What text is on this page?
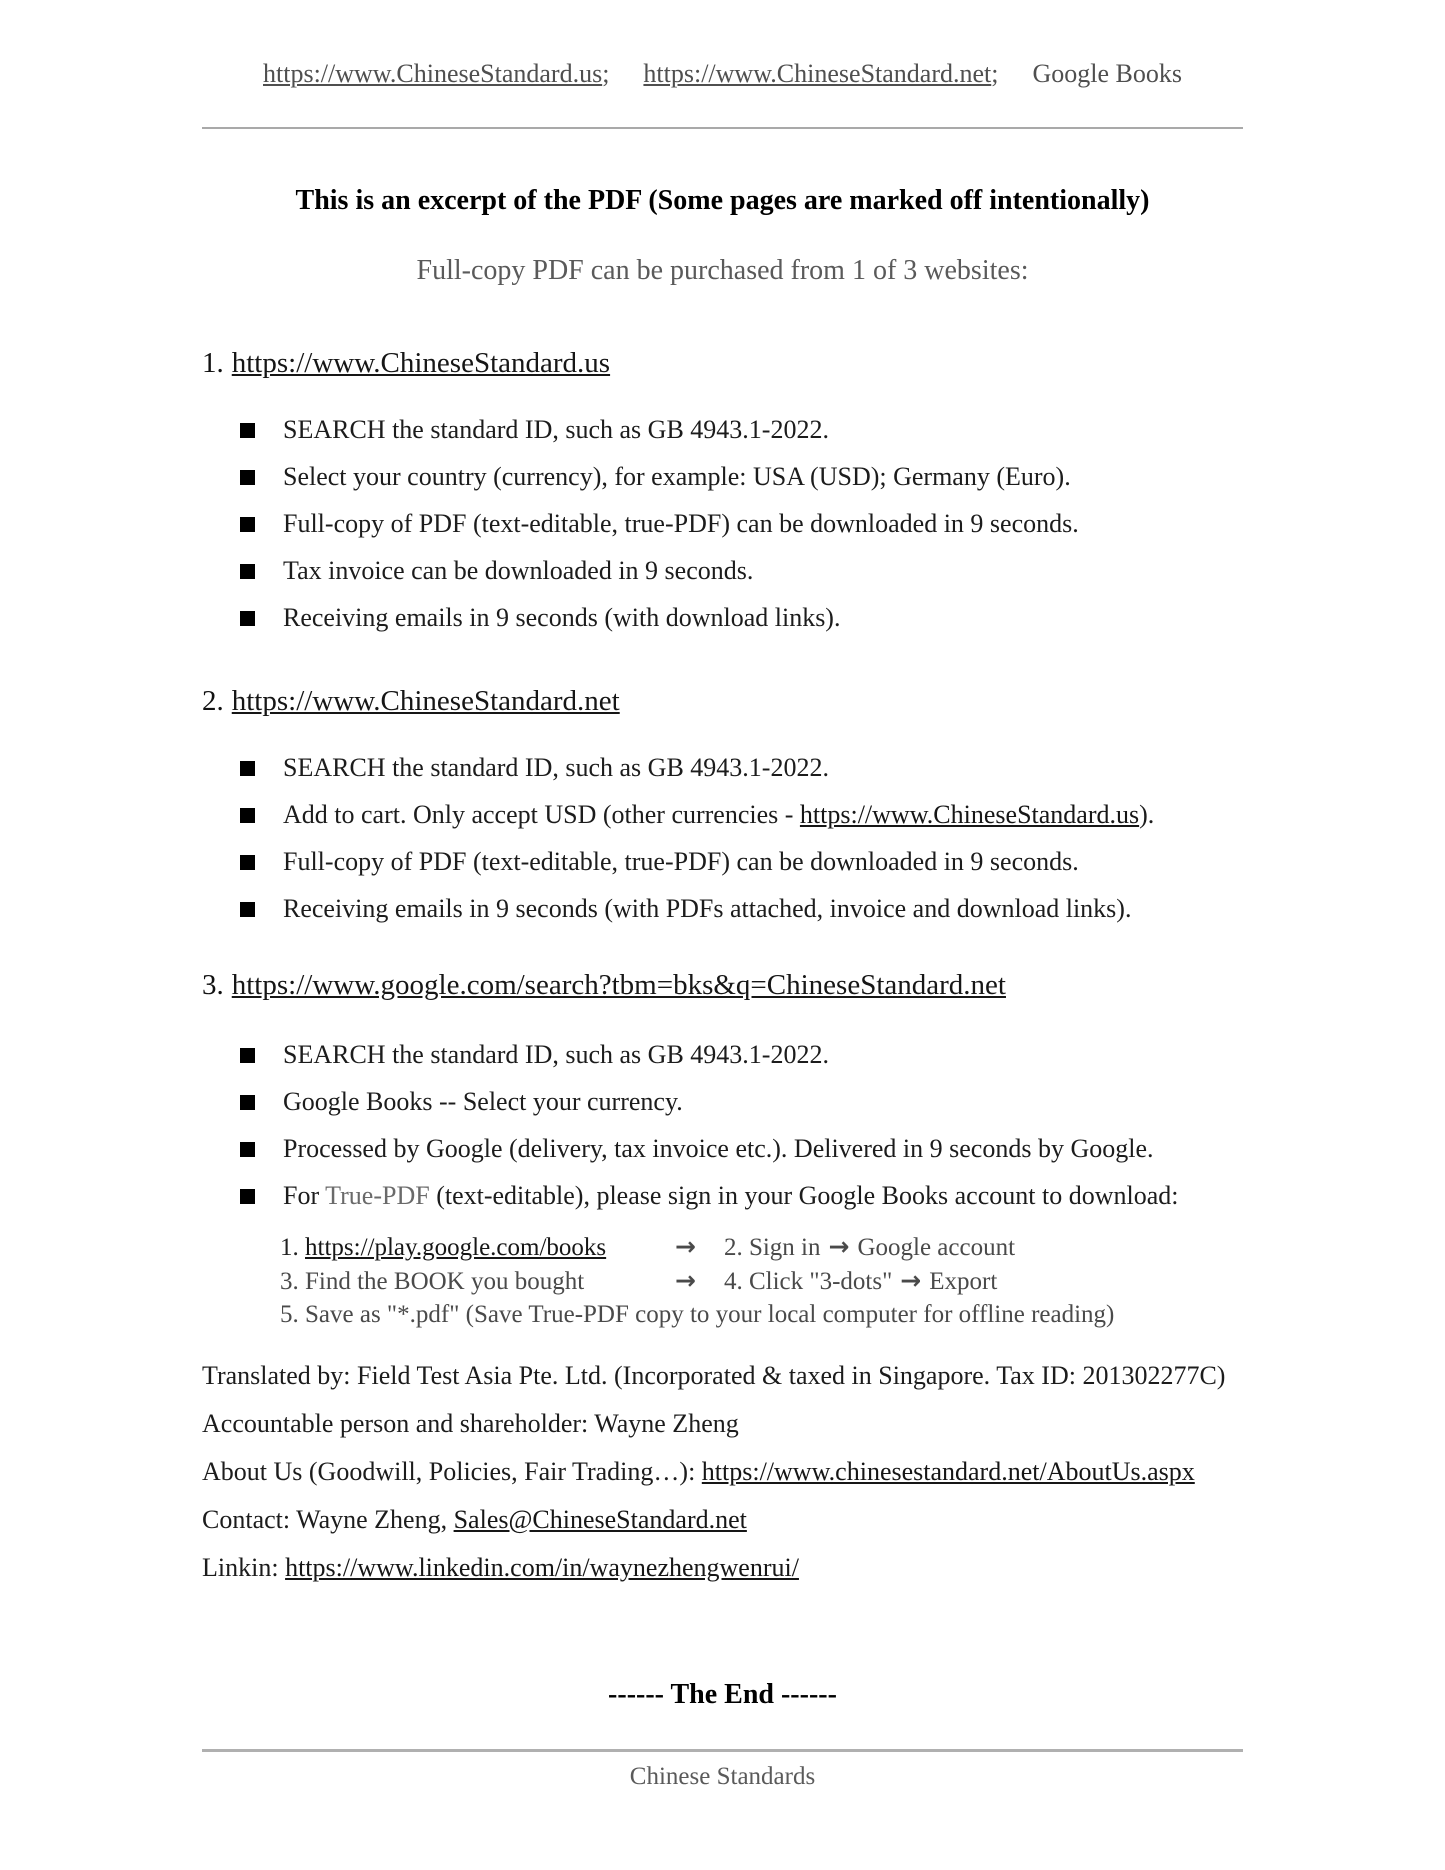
https://www.ChineseStandard.us; https://www.ChineseStandard.net; Google Books
This is an excerpt of the PDF (Some pages are marked off intentionally)
Full-copy PDF can be purchased from 1 of 3 websites:
1. https://www.ChineseStandard.us
SEARCH the standard ID, such as GB 4943.1-2022.
Select your country (currency), for example: USA (USD); Germany (Euro).
Full-copy of PDF (text-editable, true-PDF) can be downloaded in 9 seconds.
Tax invoice can be downloaded in 9 seconds.
Receiving emails in 9 seconds (with download links).
2. https://www.ChineseStandard.net
SEARCH the standard ID, such as GB 4943.1-2022.
Add to cart. Only accept USD (other currencies - https://www.ChineseStandard.us).
Full-copy of PDF (text-editable, true-PDF) can be downloaded in 9 seconds.
Receiving emails in 9 seconds (with PDFs attached, invoice and download links).
3. https://www.google.com/search?tbm=bks&q=ChineseStandard.net
SEARCH the standard ID, such as GB 4943.1-2022.
Google Books -- Select your currency.
Processed by Google (delivery, tax invoice etc.). Delivered in 9 seconds by Google.
For True-PDF (text-editable), please sign in your Google Books account to download:
1. https://play.google.com/books	→ 2. Sign in → Google account
3. Find the BOOK you bought	→ 4. Click "3-dots" → Export
5. Save as "*.pdf" (Save True-PDF copy to your local computer for offline reading)
Translated by: Field Test Asia Pte. Ltd. (Incorporated & taxed in Singapore. Tax ID: 201302277C)
Accountable person and shareholder: Wayne Zheng
About Us (Goodwill, Policies, Fair Trading…): https://www.chinesestandard.net/AboutUs.aspx
Contact: Wayne Zheng, Sales@ChineseStandard.net
Linkin: https://www.linkedin.com/in/waynezhengwenrui/
------ The End ------
Chinese Standards
